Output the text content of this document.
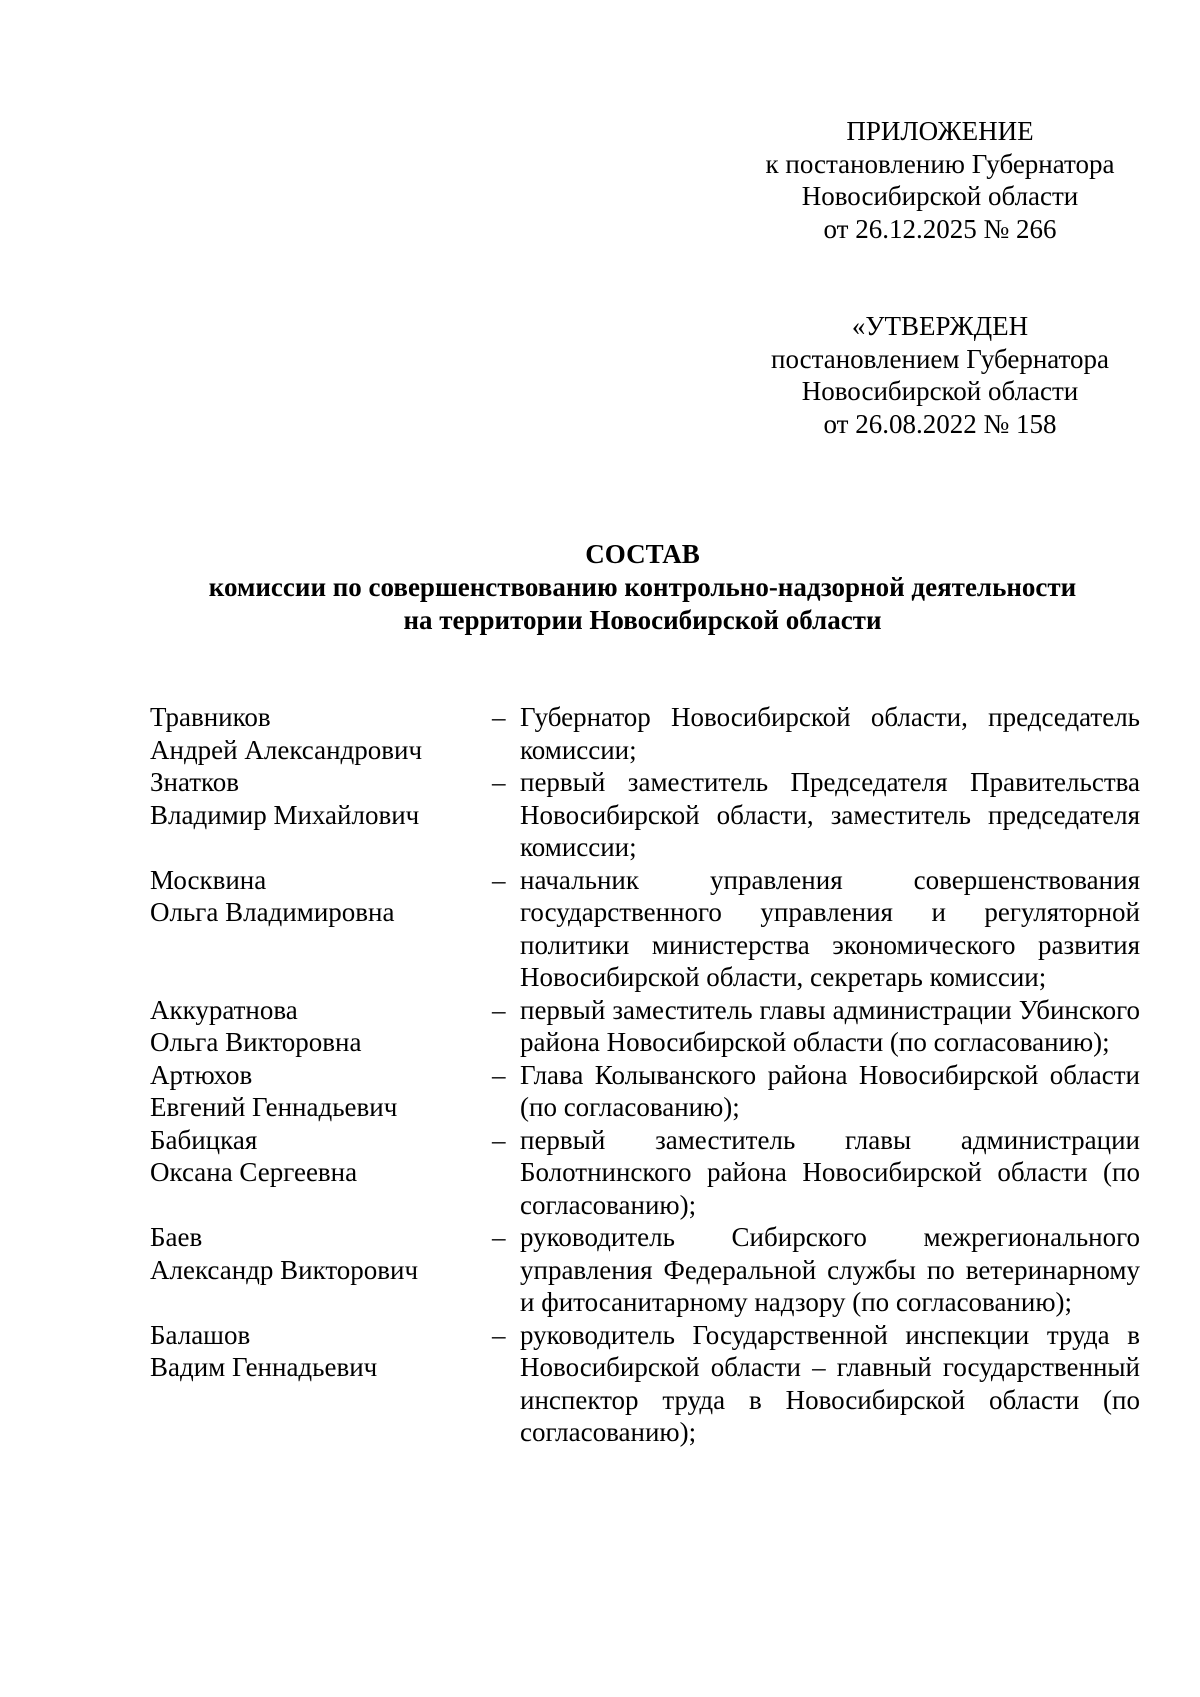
ПРИЛОЖЕНИЕ
к постановлению Губернатора
Новосибирской области
от 26.12.2025 № 266
«УТВЕРЖДЕН
постановлением Губернатора
Новосибирской области
от 26.08.2022 № 158
СОСТАВ
комиссии по совершенствованию контрольно-надзорной деятельности
на территории Новосибирской области
Травников
Андрей Александрович
– Губернатор Новосибирской области, председатель комиссии;
Знатков
Владимир Михайлович
– первый заместитель Председателя Правительства Новосибирской области, заместитель председателя комиссии;
Москвина
Ольга Владимировна
– начальник управления совершенствования государственного управления и регуляторной политики министерства экономического развития Новосибирской области, секретарь комиссии;
Аккуратнова
Ольга Викторовна
– первый заместитель главы администрации Убинского района Новосибирской области (по согласованию);
Артюхов
Евгений Геннадьевич
– Глава Колыванского района Новосибирской области (по согласованию);
Бабицкая
Оксана Сергеевна
– первый заместитель главы администрации Болотнинского района Новосибирской области (по согласованию);
Баев
Александр Викторович
– руководитель Сибирского межрегионального управления Федеральной службы по ветеринарному и фитосанитарному надзору (по согласованию);
Балашов
Вадим Геннадьевич
– руководитель Государственной инспекции труда в Новосибирской области – главный государственный инспектор труда в Новосибирской области (по согласованию);
